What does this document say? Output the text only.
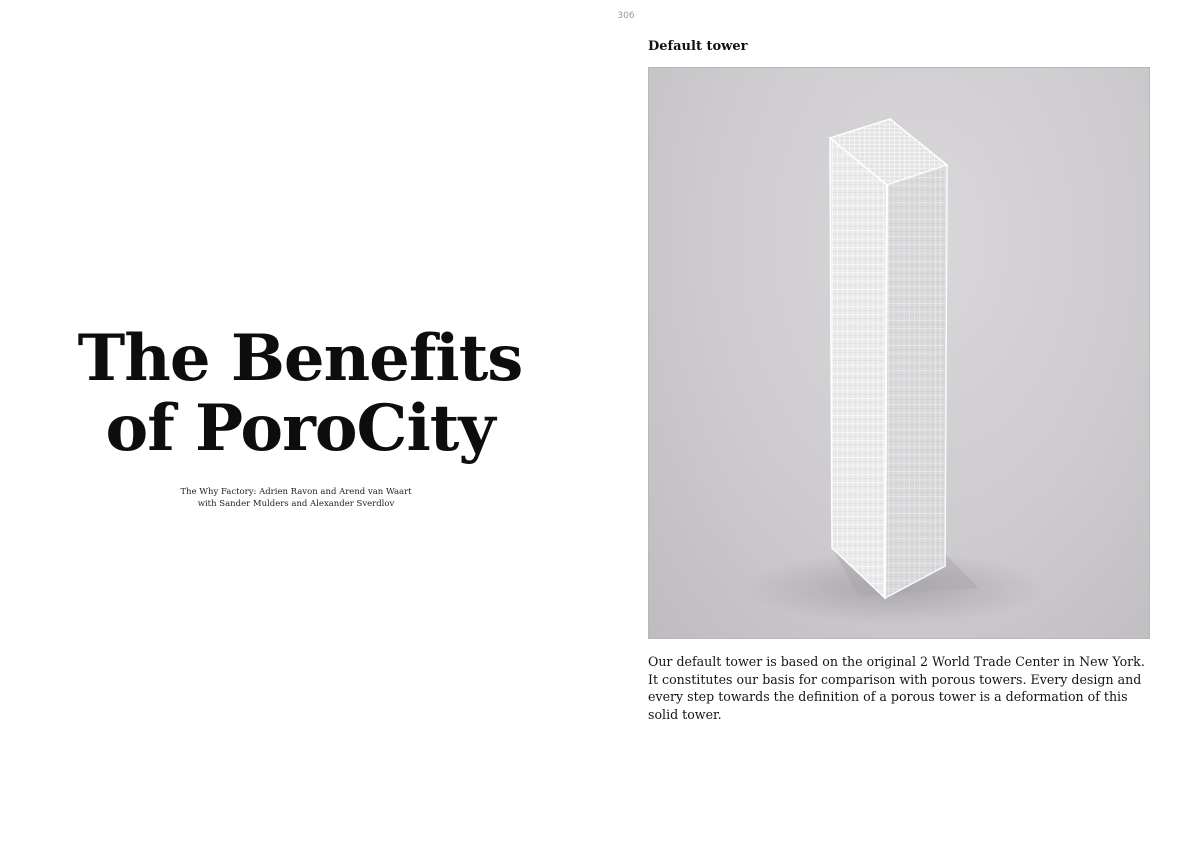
The Benefits
of PoroCity
The Why Factory: Adrien Ravon and Arend van Waart
with Sander Mulders and Alexander Sverdlov
306
Default tower
Our default tower is based on the original 2 World Trade Center in New York.
It constitutes our basis for comparison with porous towers. Every design and
every step towards the definition of a porous tower is a deformation of this
solid tower.
